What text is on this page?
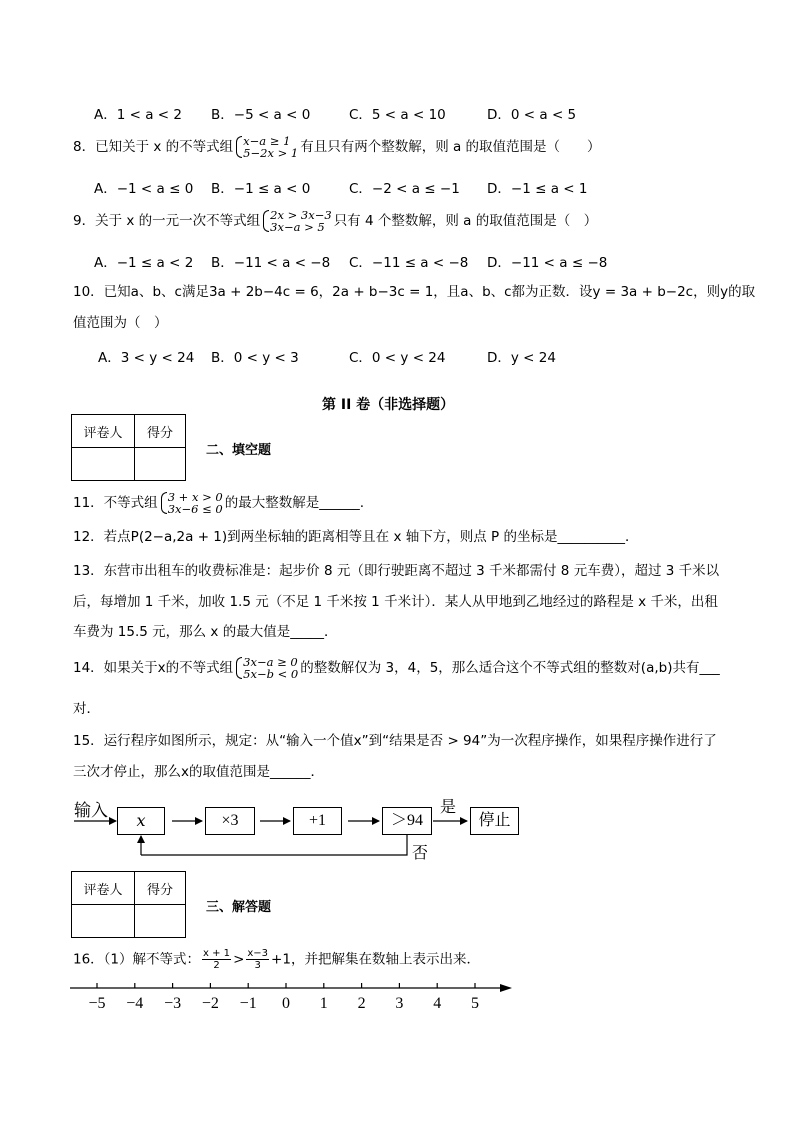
A．1 < a < 2 B．−5 < a < 0	C．5 < a < 10	D．0 < a < 5
8．已知关于 x 的不等式组 x−a ≥ 1
5−2x > 1 有且只有两个整数解，则 a 的取值范围是（　　）
A．−1 < a ≤ 0 B．−1 ≤ a < 0	C．−2 < a ≤ −1 D．−1 ≤ a < 1
9．关于 x 的一元一次不等式组 2x > 3x−3
3x−a > 5 只有 4 个整数解，则 a 的取值范围是（　）
A．−1 ≤ a < 2 B．−11 < a < −8 C．−11 ≤ a < −8 D．−11 < a ≤ −8
10．已知a、b、c满足3a + 2b−4c = 6，2a + b−3c = 1，且a、b、c都为正数．设y = 3a + b−2c，则y的取
值范围为（　）
A．3 < y < 24 B．0 < y < 3	C．0 < y < 24	D．y < 24
第 II 卷（非选择题）
评卷人	得分

二、填空题
11．不等式组 3 + x > 0
3x−6 ≤ 0 的最大整数解是______.
12．若点P(2−a,2a + 1)到两坐标轴的距离相等且在 x 轴下方，则点 P 的坐标是__________．
13．东营市出租车的收费标准是：起步价 8 元（即行驶距离不超过 3 千米都需付 8 元车费），超过 3 千米以
后，每增加 1 千米，加收 1.5 元（不足 1 千米按 1 千米计）．某人从甲地到乙地经过的路程是 x 千米，出租
车费为 15.5 元，那么 x 的最大值是_____．
14．如果关于x的不等式组 3x−a ≥ 0
5x−b < 0 的整数解仅为 3，4，5，那么适合这个不等式组的整数对(a,b)共有___
对．
15．运行程序如图所示，规定：从“输入一个值x”到“结果是否 > 94”为一次程序操作，如果程序操作进行了
三次才停止，那么x的取值范围是______．
输入
x	×3	+1	＞94	停止
是
否
评卷人	得分

三、解答题
16．（1）解不等式： $\frac{x + 1}{2} > \frac{x-3}{3} +1$，并把解集在数轴上表示出来．
−5 −4 −3 −2 −1 0 1 2 3 4 5
